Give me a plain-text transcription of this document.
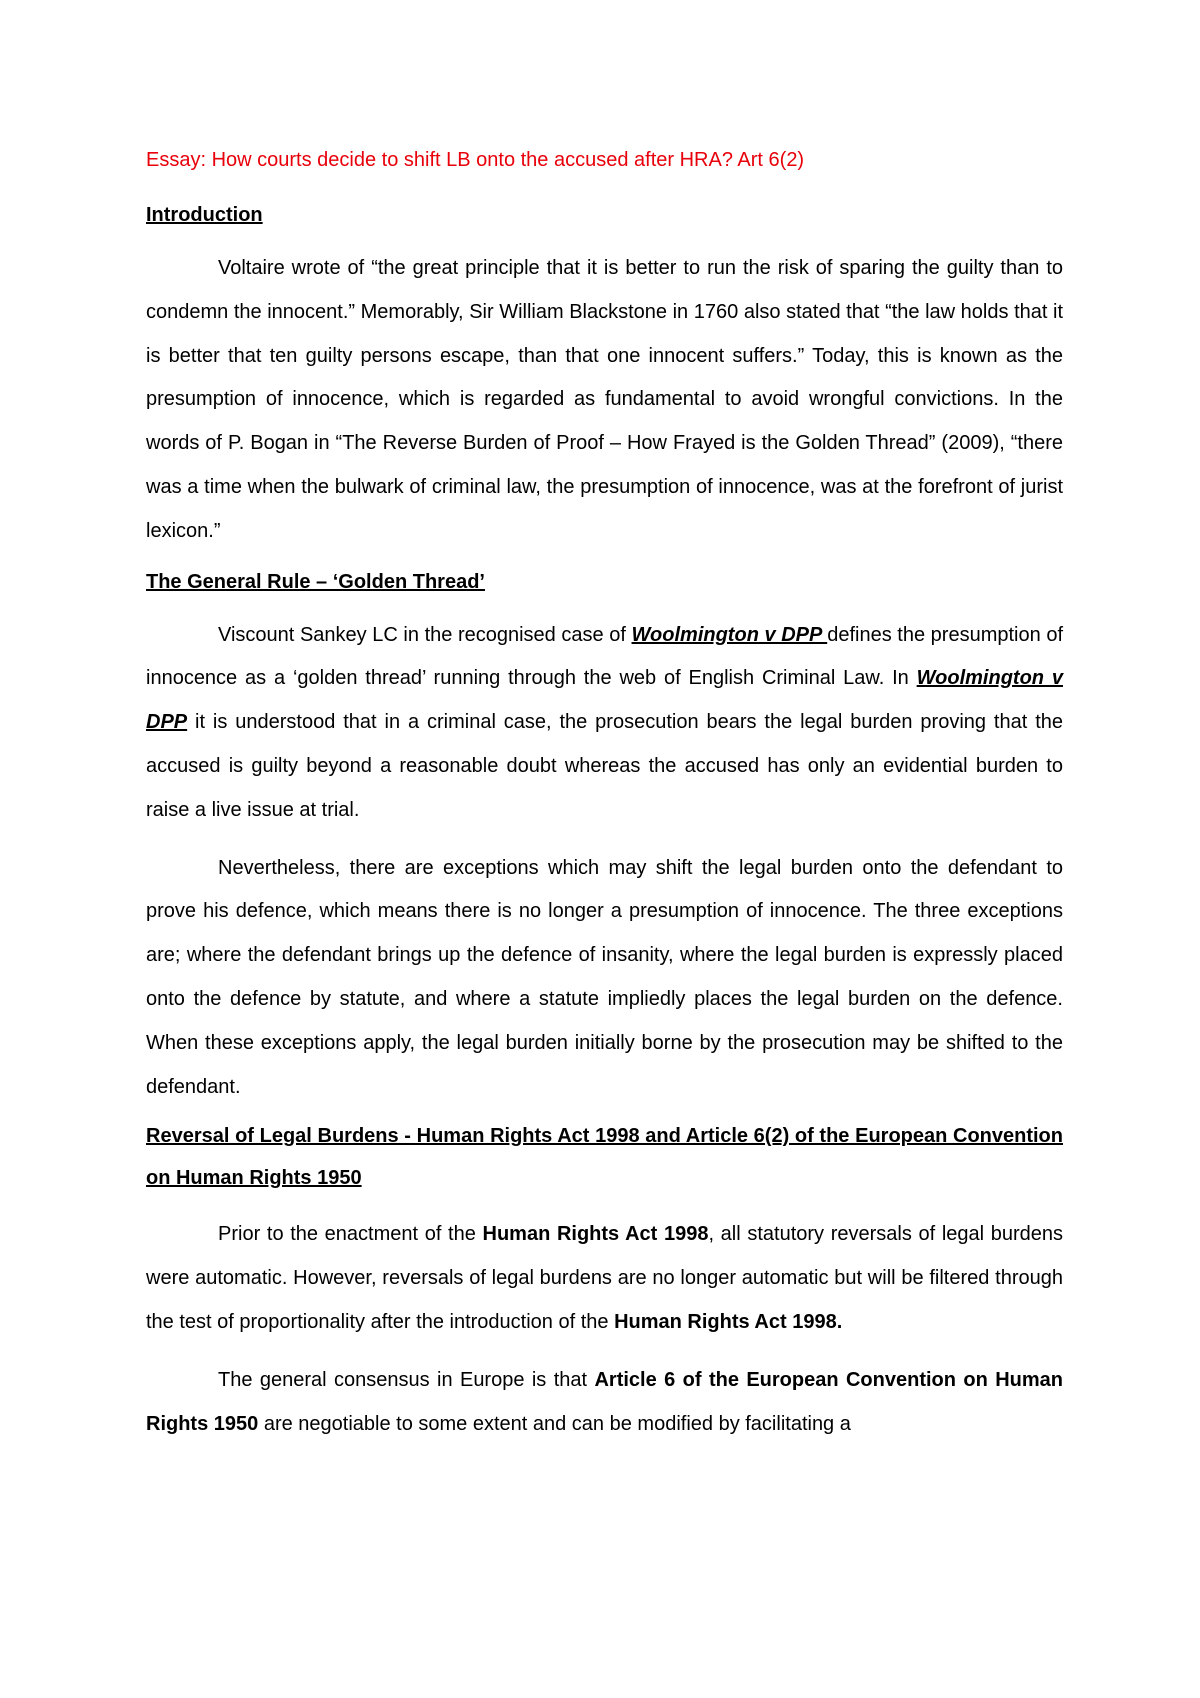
Essay: How courts decide to shift LB onto the accused after HRA? Art 6(2)
Introduction

Voltaire wrote of “the great principle that it is better to run the risk of sparing the guilty than to condemn the innocent.” Memorably, Sir William Blackstone in 1760 also stated that “the law holds that it is better that ten guilty persons escape, than that one innocent suffers.” Today, this is known as the presumption of innocence, which is regarded as fundamental to avoid wrongful convictions. In the words of P. Bogan in “The Reverse Burden of Proof – How Frayed is the Golden Thread” (2009), “there was a time when the bulwark of criminal law, the presumption of innocence, was at the forefront of jurist lexicon.”

The General Rule – ‘Golden Thread’

Viscount Sankey LC in the recognised case of Woolmington v DPP defines the presumption of innocence as a ‘golden thread’ running through the web of English Criminal Law. In Woolmington v DPP it is understood that in a criminal case, the prosecution bears the legal burden proving that the accused is guilty beyond a reasonable doubt whereas the accused has only an evidential burden to raise a live issue at trial.

Nevertheless, there are exceptions which may shift the legal burden onto the defendant to prove his defence, which means there is no longer a presumption of innocence. The three exceptions are; where the defendant brings up the defence of insanity, where the legal burden is expressly placed onto the defence by statute, and where a statute impliedly places the legal burden on the defence. When these exceptions apply, the legal burden initially borne by the prosecution may be shifted to the defendant.

Reversal of Legal Burdens - Human Rights Act 1998 and Article 6(2) of the European Convention on Human Rights 1950

Prior to the enactment of the Human Rights Act 1998, all statutory reversals of legal burdens were automatic. However, reversals of legal burdens are no longer automatic but will be filtered through the test of proportionality after the introduction of the Human Rights Act 1998.

The general consensus in Europe is that Article 6 of the European Convention on Human Rights 1950 are negotiable to some extent and can be modified by facilitating a
